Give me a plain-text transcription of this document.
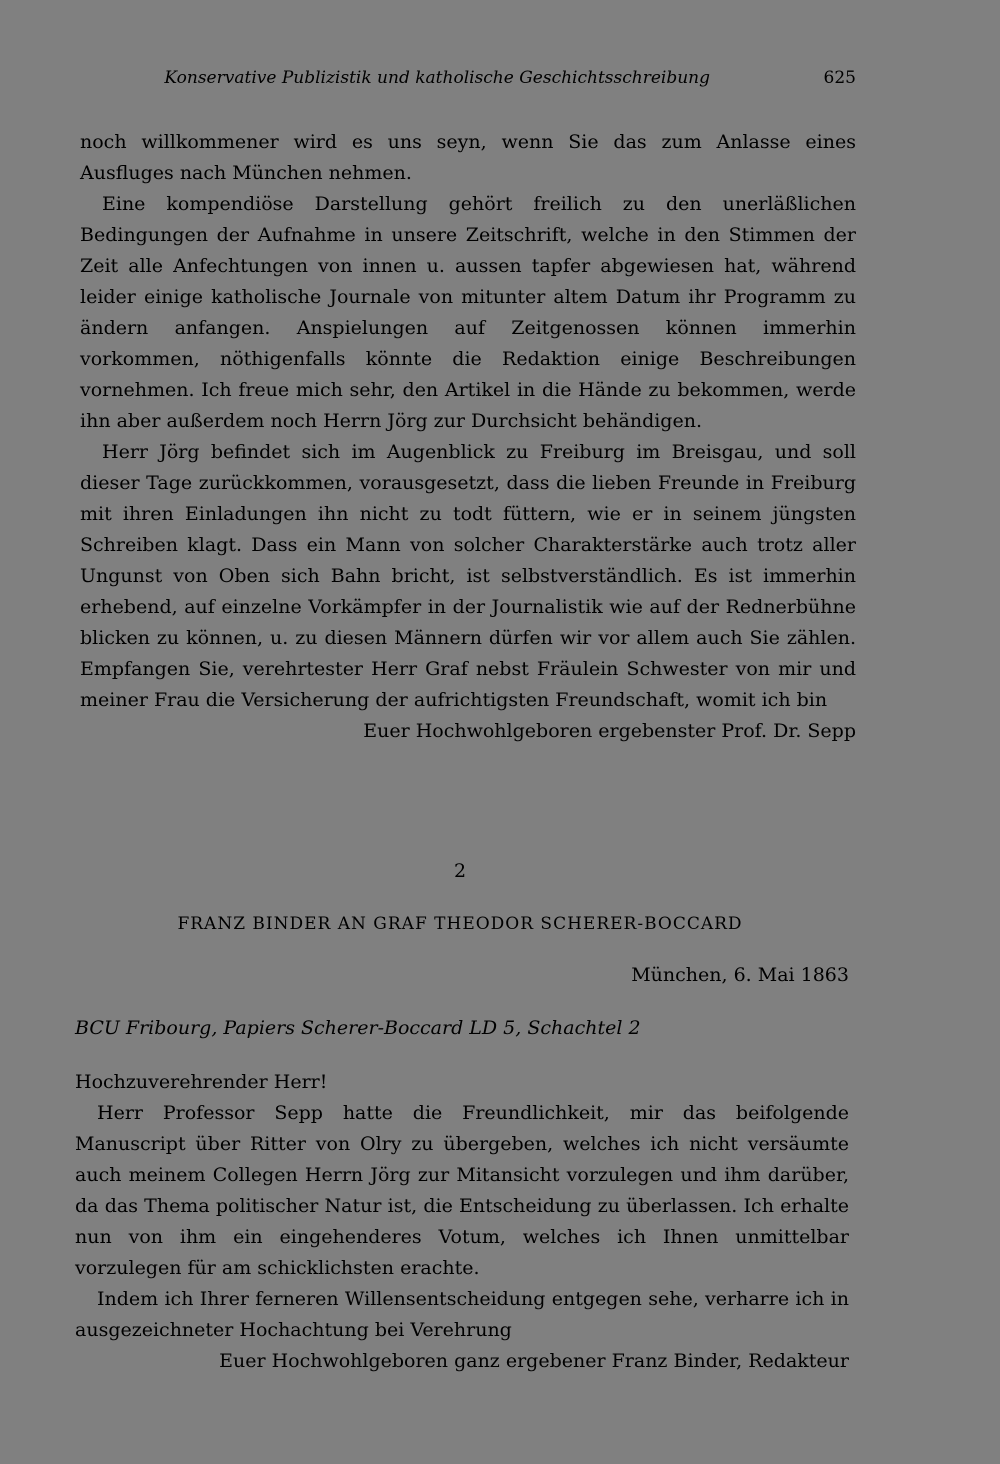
Konservative Publizistik und katholische Geschichtsschreibung	625

noch willkommener wird es uns seyn, wenn Sie das zum Anlasse eines Ausfluges nach München nehmen.

Eine kompendiöse Darstellung gehört freilich zu den unerläßlichen Bedingungen der Aufnahme in unsere Zeitschrift, welche in den Stimmen der Zeit alle Anfechtungen von innen u. aussen tapfer abgewiesen hat, während leider einige katholische Journale von mitunter altem Datum ihr Programm zu ändern anfangen. Anspielungen auf Zeitgenossen können immerhin vorkommen, nöthigenfalls könnte die Redaktion einige Beschreibungen vornehmen. Ich freue mich sehr, den Artikel in die Hände zu bekommen, werde ihn aber außerdem noch Herrn Jörg zur Durchsicht behändigen.

Herr Jörg befindet sich im Augenblick zu Freiburg im Breisgau, und soll dieser Tage zurückkommen, vorausgesetzt, dass die lieben Freunde in Freiburg mit ihren Einladungen ihn nicht zu todt füttern, wie er in seinem jüngsten Schreiben klagt. Dass ein Mann von solcher Charakterstärke auch trotz aller Ungunst von Oben sich Bahn bricht, ist selbstverständlich. Es ist immerhin erhebend, auf einzelne Vorkämpfer in der Journalistik wie auf der Rednerbühne blicken zu können, u. zu diesen Männern dürfen wir vor allem auch Sie zählen. Empfangen Sie, verehrtester Herr Graf nebst Fräulein Schwester von mir und meiner Frau die Versicherung der aufrichtigsten Freundschaft, womit ich bin

Euer Hochwohlgeboren ergebenster Prof. Dr. Sepp

2
FRANZ BINDER AN GRAF THEODOR SCHERER-BOCCARD
München, 6. Mai 1863
BCU Fribourg, Papiers Scherer-Boccard LD 5, Schachtel 2

Hochzuverehrender Herr!

Herr Professor Sepp hatte die Freundlichkeit, mir das beifolgende Manuscript über Ritter von Olry zu übergeben, welches ich nicht versäumte auch meinem Collegen Herrn Jörg zur Mitansicht vorzulegen und ihm darüber, da das Thema politischer Natur ist, die Entscheidung zu überlassen. Ich erhalte nun von ihm ein eingehenderes Votum, welches ich Ihnen unmittelbar vorzulegen für am schicklichsten erachte.

Indem ich Ihrer ferneren Willensentscheidung entgegen sehe, verharre ich in ausgezeichneter Hochachtung bei Verehrung

Euer Hochwohlgeboren ganz ergebener Franz Binder, Redakteur
